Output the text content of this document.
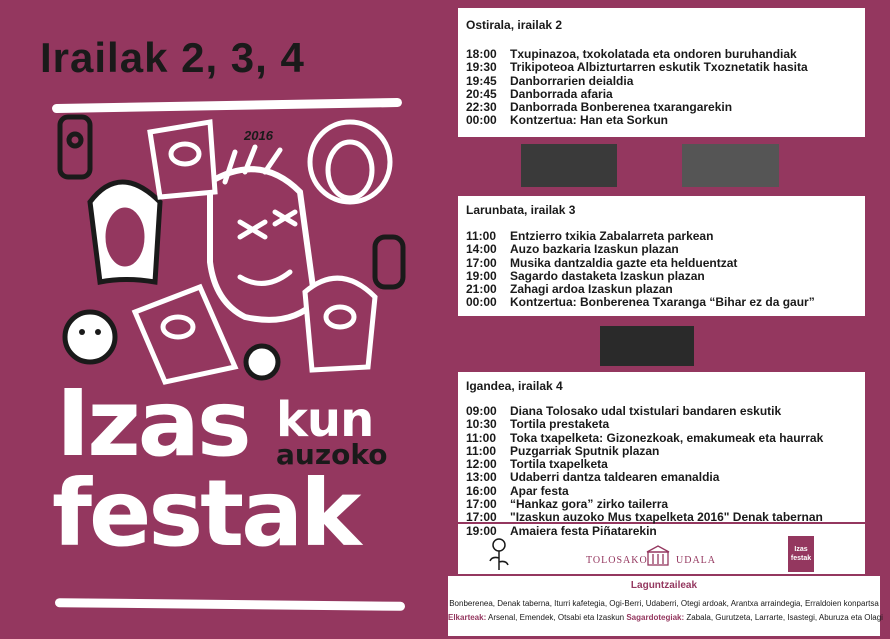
Irailak 2, 3, 4
2016
Izas kun
auzoko
festak
Ostirala, irailak 2
18:00	Txupinazoa, txokolatada eta ondoren buruhandiak
19:30	Trikipoteoa Albizturtarren eskutik Txoznetatik hasita
19:45	Danborrarien deialdia
20:45	Danborrada afaria
22:30	Danborrada Bonberenea txarangarekin
00:00	Kontzertua: Han eta Sorkun
Larunbata, irailak 3
11:00	Entzierro txikia Zabalarreta parkean
14:00	Auzo bazkaria Izaskun plazan
17:00	Musika dantzaldia gazte eta helduentzat
19:00	Sagardo dastaketa Izaskun plazan
21:00	Zahagi ardoa Izaskun plazan
00:00	Kontzertua: Bonberenea Txaranga “Bihar ez da gaur”
Igandea, irailak 4
09:00	Diana Tolosako udal txistulari bandaren eskutik
10:30	Tortila prestaketa
11:00	Toka txapelketa: Gizonezkoak, emakumeak eta haurrak
11:00	Puzgarriak Sputnik plazan
12:00	Tortila txapelketa
13:00	Udaberri dantza taldearen emanaldia
16:00	Apar festa
17:00	“Hankaz gora” zirko tailerra
17:00	"Izaskun auzoko Mus txapelketa 2016" Denak tabernan
19:00	Amaiera festa Piñatarekin
TOLOSAKO	UDALA
Izas
festak
Laguntzaileak
Bonberenea, Denak taberna, Iturri kafetegia, Ogi-Berri, Udaberri, Otegi ardoak, Arantxa arraindegia, Erraldoien konpartsa
Elkarteak: Arsenal, Emendek, Otsabi eta Izaskun Sagardotegiak: Zabala, Gurutzeta, Larrarte, Isastegi, Aburuza eta Olagi
